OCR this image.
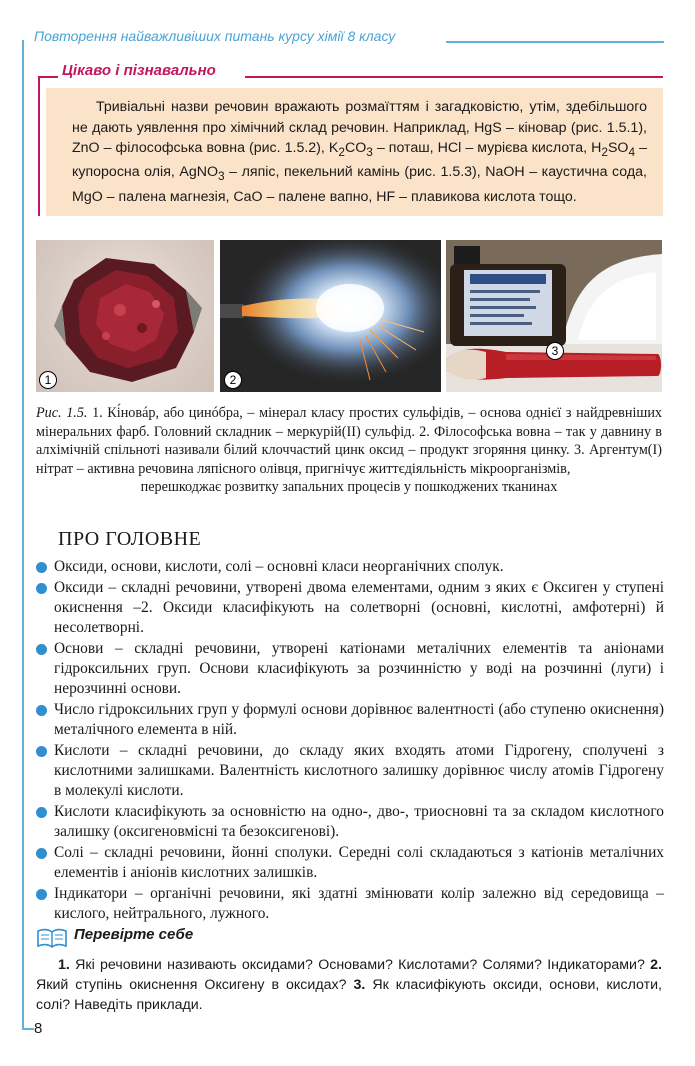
Повторення найважливіших питань курсу хімії 8 класу
Цікаво і пізнавально
Тривіальні назви речовин вражають розмаїттям і загадковістю, утім, здебільшого не дають уявлення про хімічний склад речовин. Наприклад, HgS – кіновар (рис. 1.5.1), ZnO – філософська вовна (рис. 1.5.2), $K_2CO_3$ – поташ, HCl – мурієва кислота, $H_2SO_4$ – купоросна олія, AgNO$_3$ – ляпіс, пекельний камінь (рис. 1.5.3), NaOH – каустична сода, MgO – палена магнезія, CaO – палене вапно, HF – плавикова кислота тощо.
1	2
3
Рис. 1.5. 1. Кі́новáр, або цинóбра, – мінерал класу простих сульфідів, – основа однієї з найдревніших мінеральних фарб. Головний складник – меркурій(II) сульфід. 2. Філософська вовна – так у давнину в алхімічній спільноті називали білий клоччастий цинк оксид – продукт згоряння цинку. 3. Аргентум(І) нітрат – активна речовина ляпісного олівця, пригнічує життєдіяльність мікроорганізмів,
перешкоджає розвитку запальних процесів у пошкоджених тканинах
ПРО ГОЛОВНЕ
Оксиди, основи, кислоти, солі – основні класи неорганічних сполук.
Оксиди – складні речовини, утворені двома елементами, одним з яких є Оксиген у ступені окиснення –2. Оксиди класифікують на солетворні (основні, кислотні, амфотерні) й несолетворні.
Основи – складні речовини, утворені катіонами металічних елементів та аніонами гідроксильних груп. Основи класифікують за розчинністю у воді на розчинні (луги) і нерозчинні основи.
Число гідроксильних груп у формулі основи дорівнює валентності (або ступеню окиснення) металічного елемента в ній.
Кислоти – складні речовини, до складу яких входять атоми Гідрогену, сполучені з кислотними залишками. Валентність кислотного залишку дорівнює числу атомів Гідрогену в молекулі кислоти.
Кислоти класифікують за основністю на одно-, дво-, триосновні та за складом кислотного залишку (оксигеновмісні та безоксигенові).
Солі – складні речовини, йонні сполуки. Середні солі складаються з катіонів металічних елементів і аніонів кислотних залишків.
Індикатори – органічні речовини, які здатні змінювати колір залежно від середовища – кислого, нейтрального, лужного.
Перевірте себе
1. Які речовини називають оксидами? Основами? Кислотами? Солями? Індикаторами? 2. Який ступінь окиснення Оксигену в оксидах? 3. Як класифікують оксиди, основи, кислоти, солі? Наведіть приклади.
8
